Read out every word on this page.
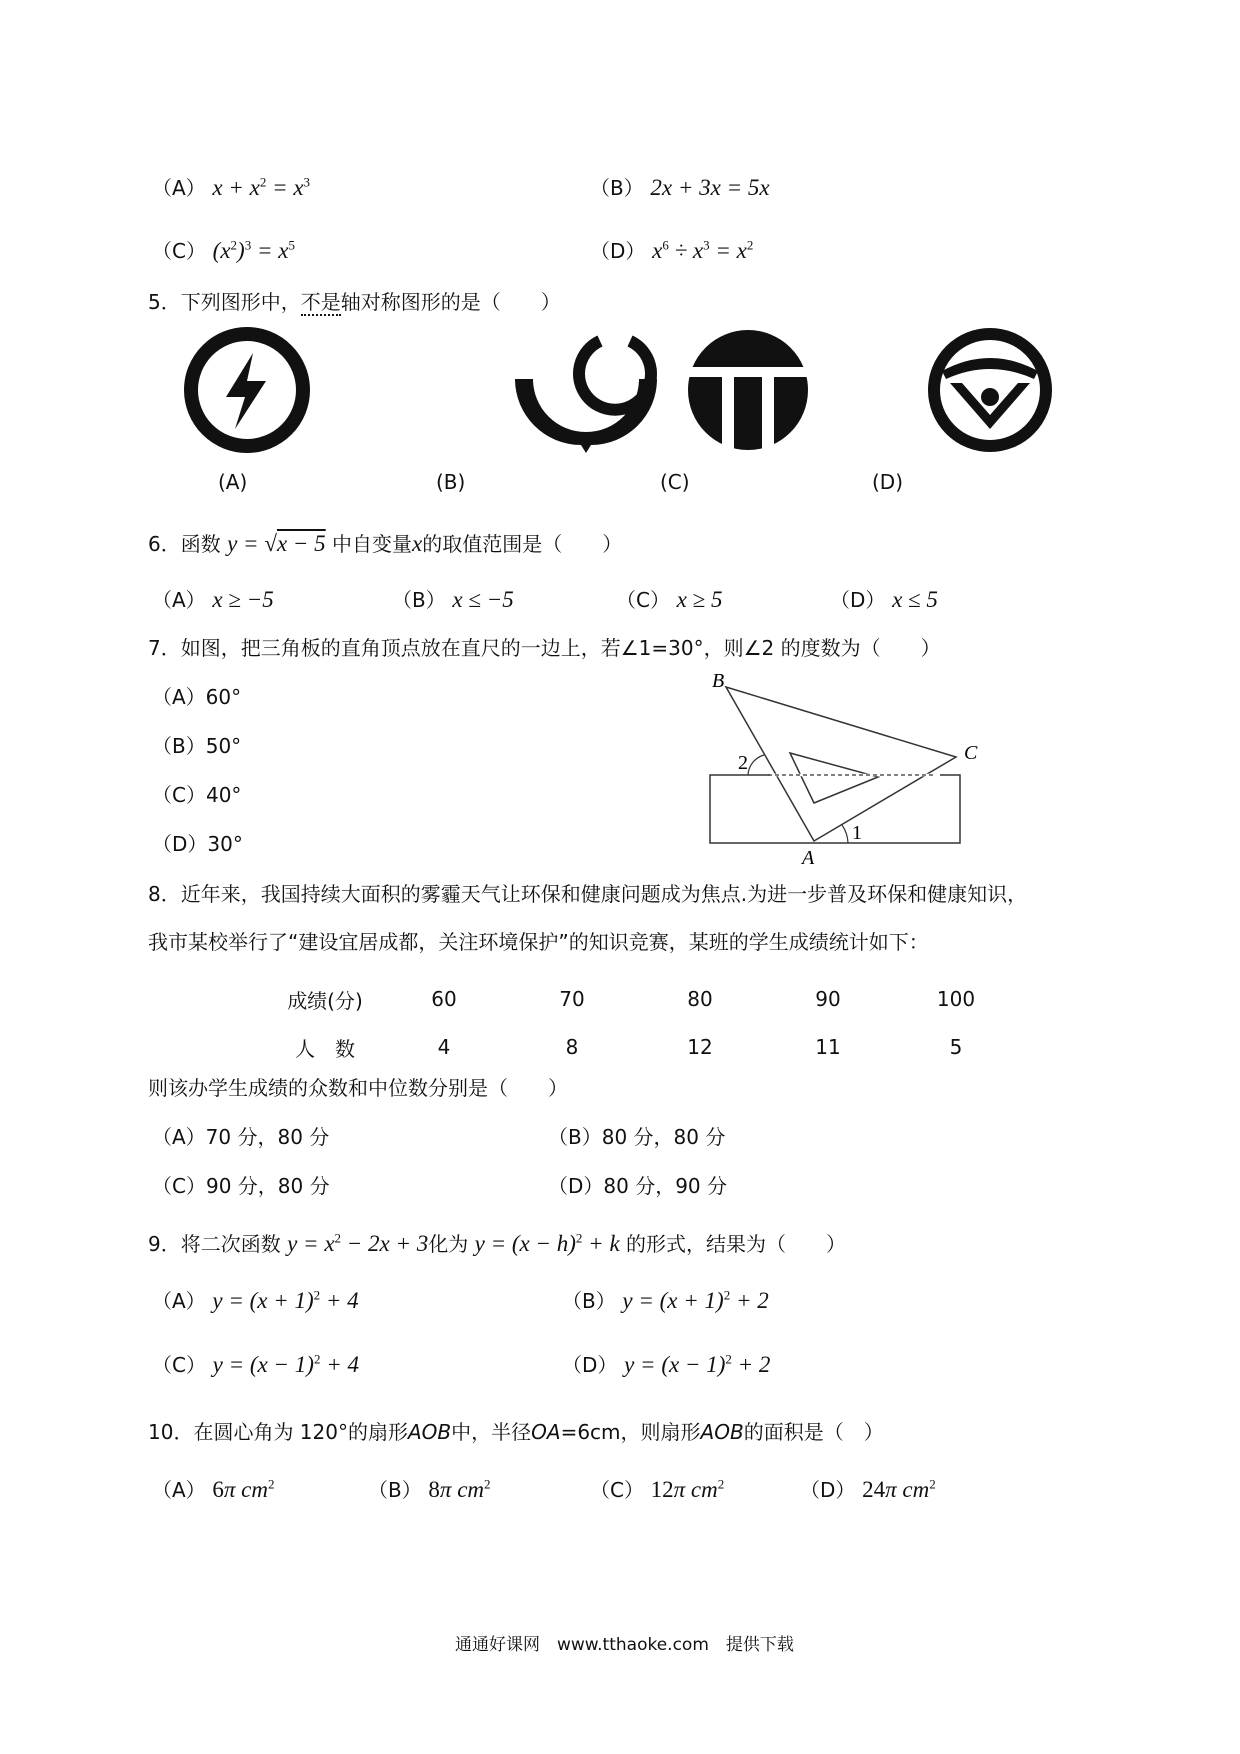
（A） $x + x^2 = x^3$	（B） 2x + 3x = 5x
（C） $(x^2)^3 = x^5$	（D） $x^6 \div x^3 = x^2$
5．下列图形中，不是轴对称图形的是（　　）
(A)	(B)	(C)	(D)
6．函数 y = √x − 5 中自变量x的取值范围是（　　）
（A） x ≥ −5	（B） x ≤ −5	（C） x ≥ 5	（D） x ≤ 5
7．如图，把三角板的直角顶点放在直尺的一边上，若∠1=30°，则∠2 的度数为（　　）
（A）60°
（B）50°
（C）40°
（D）30°
B
C
A
1
2
8．近年来，我国持续大面积的雾霾天气让环保和健康问题成为焦点.为进一步普及环保和健康知识，
我市某校举行了“建设宜居成都，关注环境保护”的知识竞赛，某班的学生成绩统计如下：
成绩(分)	60	70	80	90	100
人　数	4	8	12	11	5
则该办学生成绩的众数和中位数分别是（　　）
（A）70 分，80 分	（B）80 分，80 分
（C）90 分，80 分	（D）80 分，90 分
9．将二次函数 $y = x^2 - 2x + 3$化为 $y = (x - h)^2 + k$ 的形式，结果为（　　）
（A） $y = (x + 1)^2 + 4$	（B） $y = (x + 1)^2 + 2$
（C） $y = (x - 1)^2 + 4$	（D） $y = (x - 1)^2 + 2$
10．在圆心角为 120°的扇形AOB中，半径OA=6cm，则扇形AOB的面积是（　）
（A） 6π $cm^2$	（B） 8π $cm^2$	（C） 12π $cm^2$	（D） 24π $cm^2$
通通好课网　www.tthaoke.com　提供下载
